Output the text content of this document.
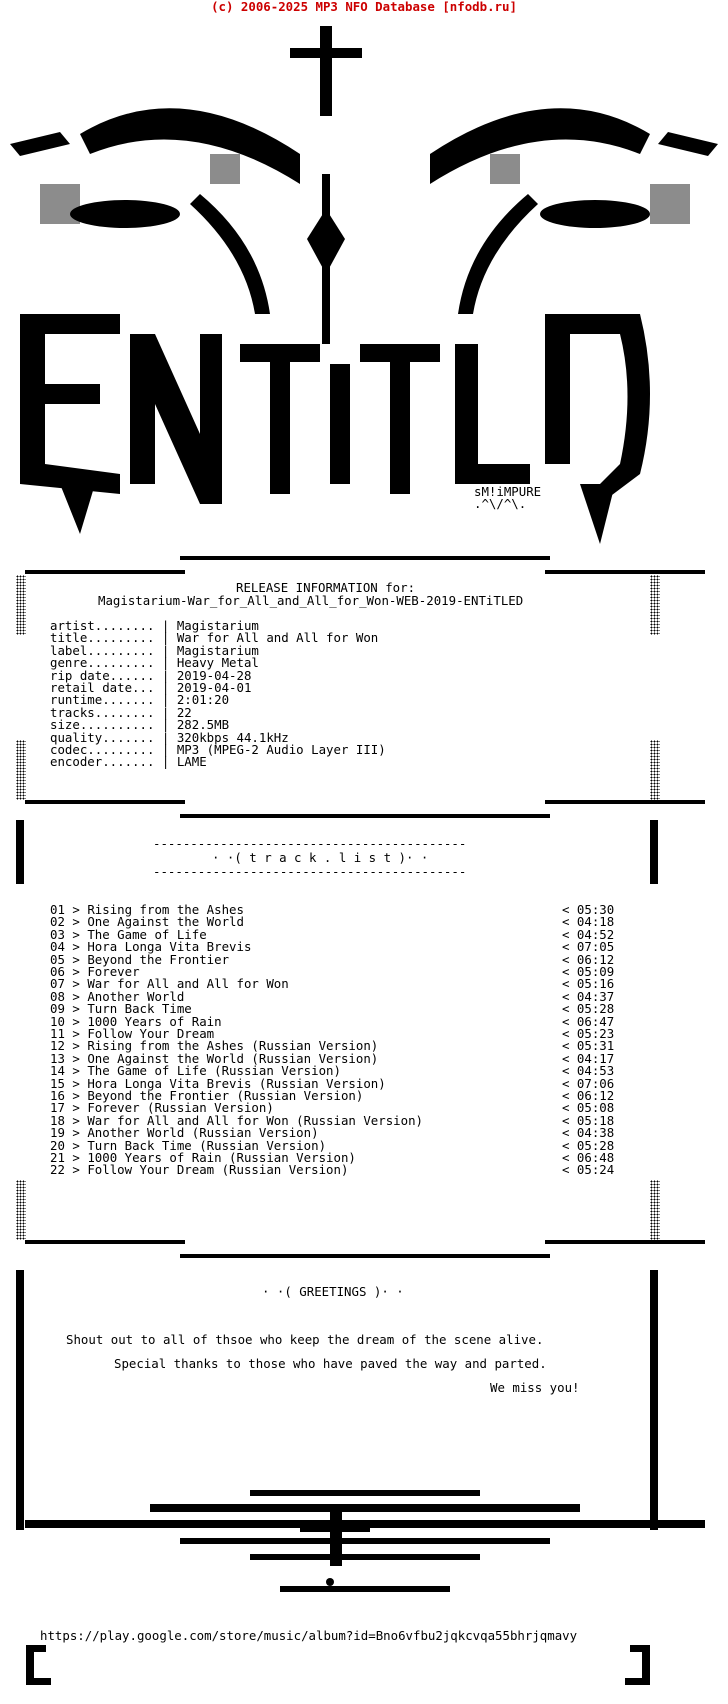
(c) 2006-2025 MP3 NFO Database [nfodb.ru]
sM!iMPURE
.^\/^\.
RELEASE INFORMATION for:
Magistarium-War_for_All_and_All_for_Won-WEB-2019-ENTiTLED
artist........ | Magistarium
title......... | War for All and All for Won
label......... | Magistarium
genre......... | Heavy Metal
rip date...... | 2019-04-28
retail date... | 2019-04-01
runtime....... | 2:01:20
tracks........ | 22
size.......... | 282.5MB
quality....... | 320kbps 44.1kHz
codec......... | MP3 (MPEG-2 Audio Layer III)
encoder....... | LAME
------------------------------------------
· ·( t r a c k . l i s t )· ·
------------------------------------------
01 > Rising from the Ashes	< 05:30
02 > One Against the World	< 04:18
03 > The Game of Life	< 04:52
04 > Hora Longa Vita Brevis	< 07:05
05 > Beyond the Frontier	< 06:12
06 > Forever	< 05:09
07 > War for All and All for Won	< 05:16
08 > Another World	< 04:37
09 > Turn Back Time	< 05:28
10 > 1000 Years of Rain	< 06:47
11 > Follow Your Dream	< 05:23
12 > Rising from the Ashes (Russian Version)	< 05:31
13 > One Against the World (Russian Version)	< 04:17
14 > The Game of Life (Russian Version)	< 04:53
15 > Hora Longa Vita Brevis (Russian Version)	< 07:06
16 > Beyond the Frontier (Russian Version)	< 06:12
17 > Forever (Russian Version)	< 05:08
18 > War for All and All for Won (Russian Version)	< 05:18
19 > Another World (Russian Version)	< 04:38
20 > Turn Back Time (Russian Version)	< 05:28
21 > 1000 Years of Rain (Russian Version)	< 06:48
22 > Follow Your Dream (Russian Version)	< 05:24
· ·( GREETINGS )· ·
Shout out to all of thsoe who keep the dream of the scene alive.
Special thanks to those who have paved the way and parted.
We miss you!
https://play.google.com/store/music/album?id=Bno6vfbu2jqkcvqa55bhrjqmavy
